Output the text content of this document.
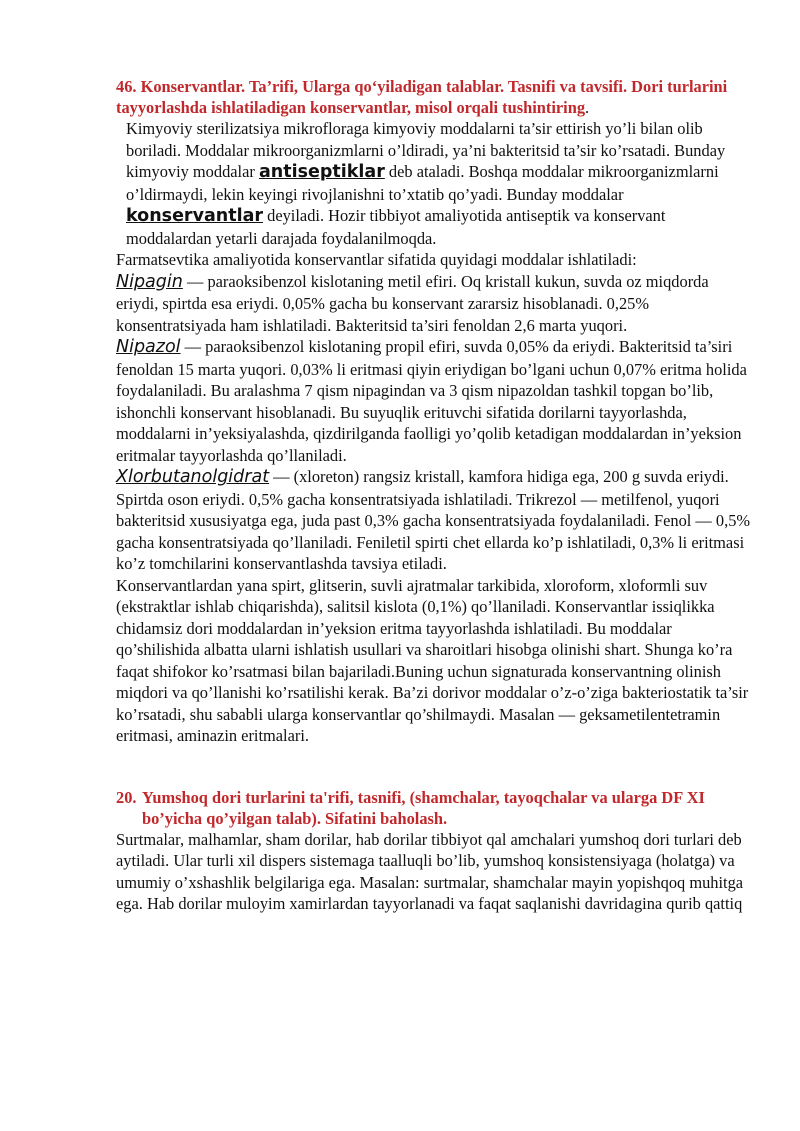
46. Konservantlar. Ta’rifi, Ularga qo‘yiladigan talablar. Tasnifi va tavsifi. Dori turlarini tayyorlashda ishlatiladigan konservantlar, misol orqali tushintiring.

Kimyoviy sterilizatsiya mikrofloraga kimyoviy moddalarni ta’sir ettirish yo’li bilan olib boriladi. Moddalar mikroorganizmlarni o’ldiradi, ya’ni bakteritsid ta’sir ko’rsatadi. Bunday kimyoviy moddalar antiseptiklar deb ataladi. Boshqa moddalar mikroorganizmlarni o’ldirmaydi, lekin keyingi rivojlanishni to’xtatib qo’yadi. Bunday moddalar konservantlar deyiladi. Hozir tibbiyot amaliyotida antiseptik va konservant moddalardan yetarli darajada foydalanilmoqda.

Farmatsevtika amaliyotida konservantlar sifatida quyidagi moddalar ishlatiladi:

Nipagin — paraoksibenzol kislotaning metil efiri. Oq kristall kukun, suvda oz miqdorda eriydi, spirtda esa eriydi. 0,05% gacha bu konservant zararsiz hisoblanadi. 0,25% konsentratsiyada ham ishlatiladi. Bakteritsid ta’siri fenoldan 2,6 marta yuqori.

Nipazol — paraoksibenzol kislotaning propil efiri, suvda 0,05% da eriydi. Bakteritsid ta’siri fenoldan 15 marta yuqori. 0,03% li eritmasi qiyin eriydigan bo’lgani uchun 0,07% eritma holida foydalaniladi. Bu aralashma 7 qism nipagindan va 3 qism nipazoldan tashkil topgan bo’lib, ishonchli konservant hisoblanadi. Bu suyuqlik erituvchi sifatida dorilarni tayyorlashda, moddalarni in’yeksiyalashda, qizdirilganda faolligi yo’qolib ketadigan moddalardan in’yeksion eritmalar tayyorlashda qo’llaniladi.

Xlorbutanolgidrat — (xloreton) rangsiz kristall, kamfora hidiga ega, 200 g suvda eriydi. Spirtda oson eriydi. 0,5% gacha konsentratsiyada ishlatiladi. Trikrezol — metilfenol, yuqori bakteritsid xususiyatga ega, juda past 0,3% gacha konsentratsiyada foydalaniladi. Fenol — 0,5% gacha konsentratsiyada qo’llaniladi. Feniletil spirti chet ellarda ko’p ishlatiladi, 0,3% li eritmasi ko’z tomchilarini konservantlashda tavsiya etiladi.

Konservantlardan yana spirt, glitserin, suvli ajratmalar tarkibida, xloroform, xloformli suv (ekstraktlar ishlab chiqarishda), salitsil kislota (0,1%) qo’llaniladi. Konservantlar issiqlikka chidamsiz dori moddalardan in’yeksion eritma tayyorlashda ishlatiladi. Bu moddalar qo’shilishida albatta ularni ishlatish usullari va sharoitlari hisobga olinishi shart. Shunga ko’ra faqat shifokor ko’rsatmasi bilan bajariladi.Buning uchun signaturada konservantning olinish miqdori va qo’llanishi ko’rsatilishi kerak. Ba’zi dorivor moddalar o’z-o’ziga bakteriostatik ta’sir ko’rsatadi, shu sababli ularga konservantlar qo’shilmaydi. Masalan — geksametilentetramin eritmasi, aminazin eritmalari.

20. Yumshoq dori turlarini ta'rifi, tasnifi, (shamchalar, tayoqchalar va ularga DF XI bo’yicha qo’yilgan talab). Sifatini baholash.

Surtmalar, malhamlar, sham dorilar, hab dorilar tibbiyot qal amchalari yumshoq dori turlari deb aytiladi. Ular turli xil dispers sistemaga taalluqli bo’lib, yumshoq konsistensiyaga (holatga) va umumiy o’xshashlik belgilariga ega. Masalan: surtmalar, shamchalar mayin yopishqoq muhitga ega. Hab dorilar muloyim xamirlardan tayyorlanadi va faqat saqlanishi davridagina qurib qattiq
